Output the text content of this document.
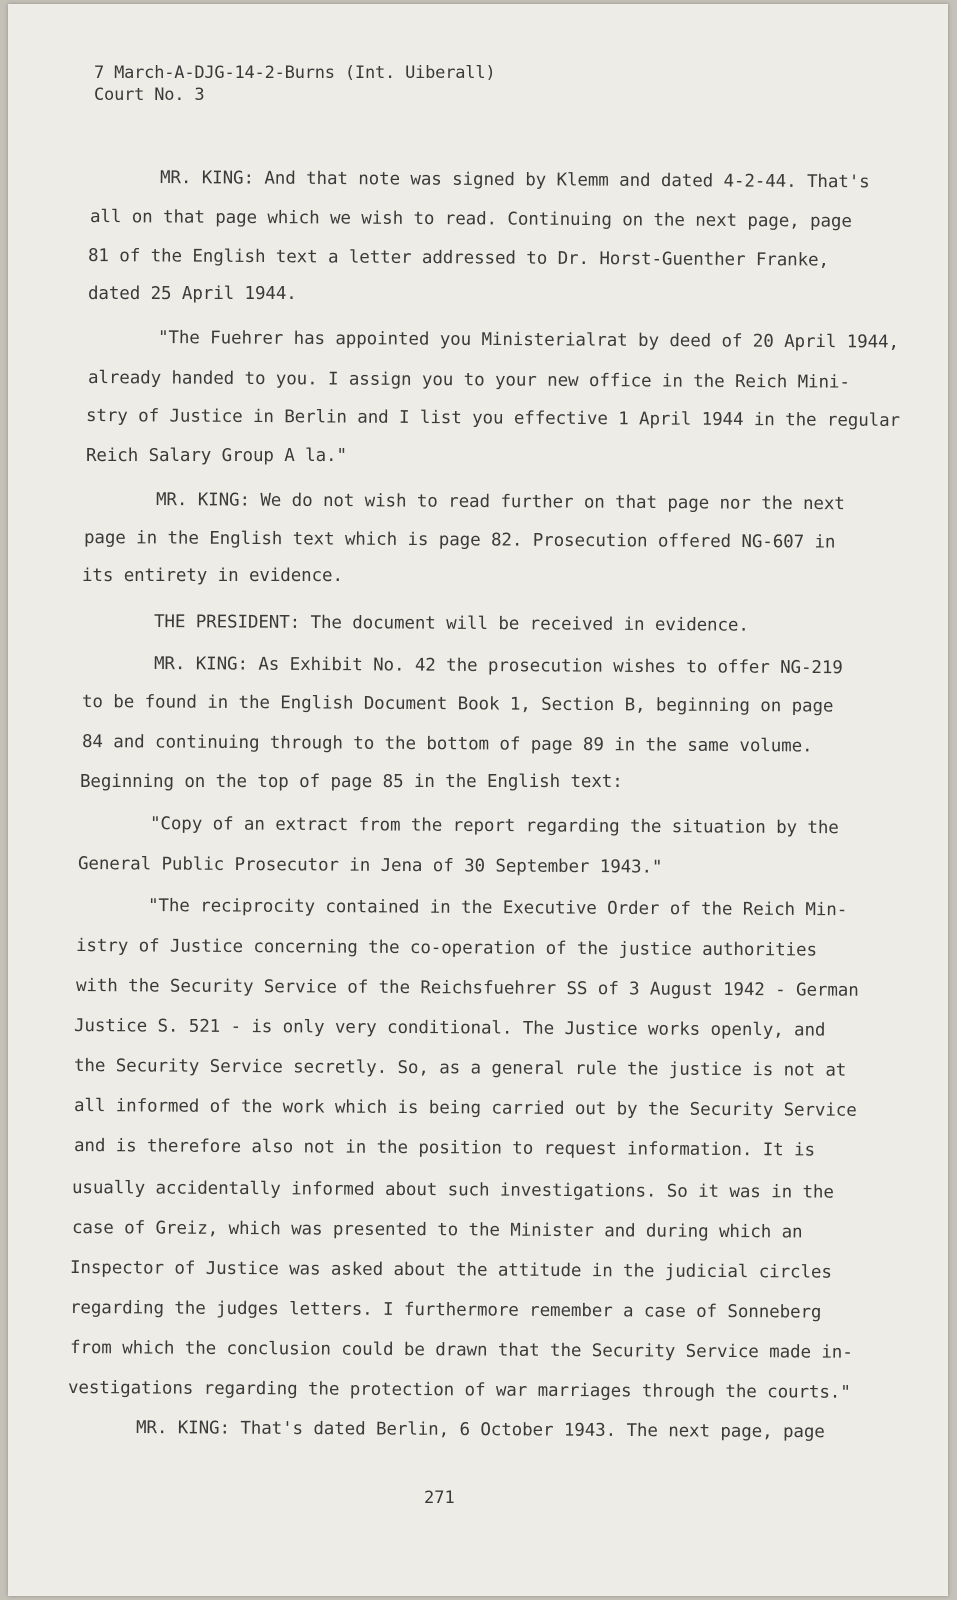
7 March-A-DJG-14-2-Burns (Int. Uiberall)
Court No. 3
MR. KING: And that note was signed by Klemm and dated 4-2-44. That's
all on that page which we wish to read. Continuing on the next page, page
81 of the English text a letter addressed to Dr. Horst-Guenther Franke,
dated 25 April 1944.
"The Fuehrer has appointed you Ministerialrat by deed of 20 April 1944,
already handed to you. I assign you to your new office in the Reich Mini-
stry of Justice in Berlin and I list you effective 1 April 1944 in the regular
Reich Salary Group A la."
MR. KING: We do not wish to read further on that page nor the next
page in the English text which is page 82. Prosecution offered NG-607 in
its entirety in evidence.
THE PRESIDENT: The document will be received in evidence.
MR. KING: As Exhibit No. 42 the prosecution wishes to offer NG-219
to be found in the English Document Book 1, Section B, beginning on page
84 and continuing through to the bottom of page 89 in the same volume.
Beginning on the top of page 85 in the English text:
"Copy of an extract from the report regarding the situation by the
General Public Prosecutor in Jena of 30 September 1943."
"The reciprocity contained in the Executive Order of the Reich Min-
istry of Justice concerning the co-operation of the justice authorities
with the Security Service of the Reichsfuehrer SS of 3 August 1942 - German
Justice S. 521 - is only very conditional. The Justice works openly, and
the Security Service secretly. So, as a general rule the justice is not at
all informed of the work which is being carried out by the Security Service
and is therefore also not in the position to request information. It is
usually accidentally informed about such investigations. So it was in the
case of Greiz, which was presented to the Minister and during which an
Inspector of Justice was asked about the attitude in the judicial circles
regarding the judges letters. I furthermore remember a case of Sonneberg
from which the conclusion could be drawn that the Security Service made in-
vestigations regarding the protection of war marriages through the courts."
MR. KING: That's dated Berlin, 6 October 1943. The next page, page
271
